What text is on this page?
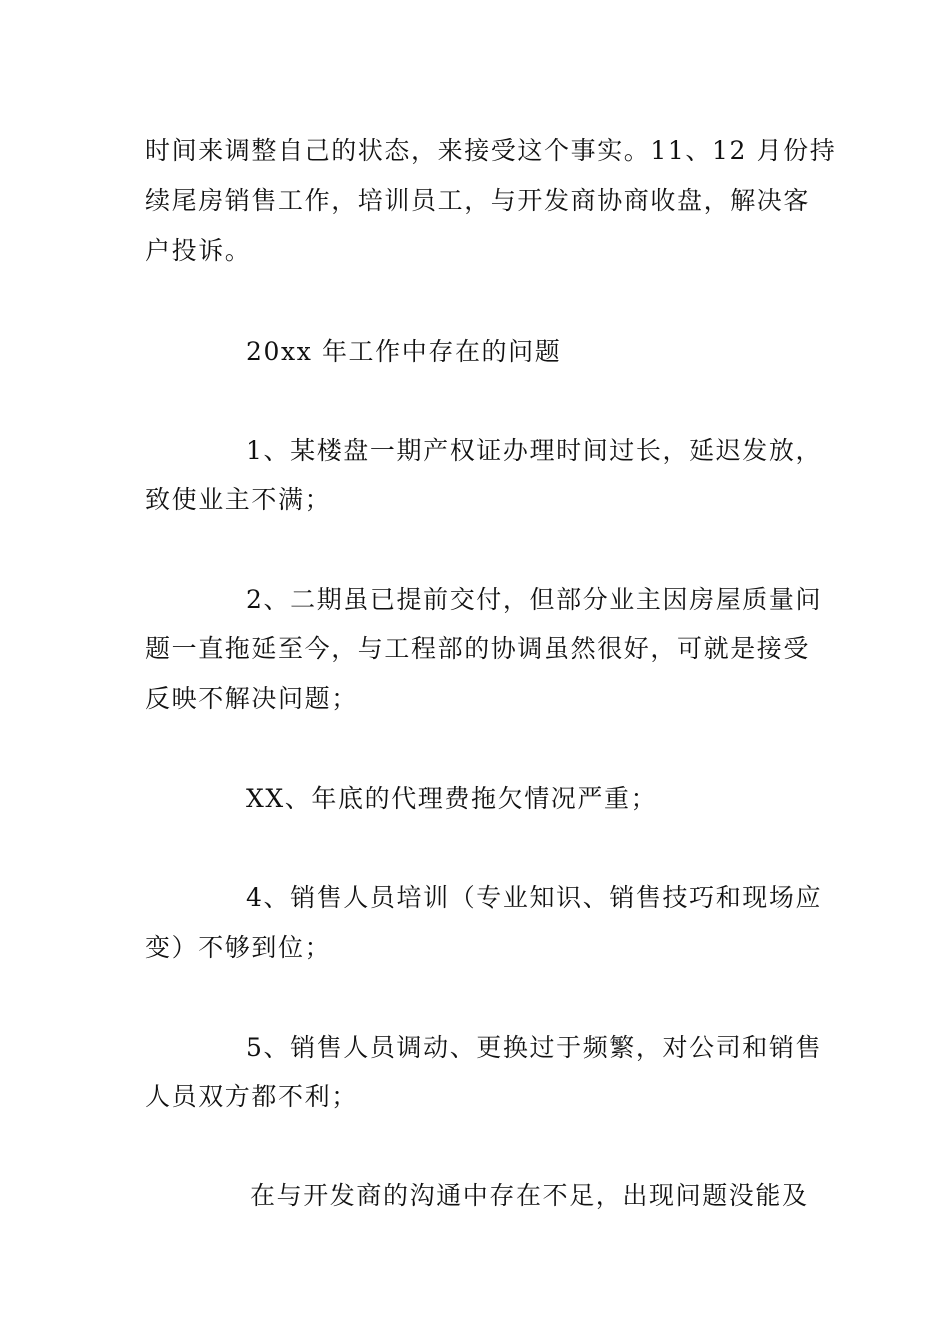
时间来调整自己的状态，来接受这个事实。11、12 月份持
续尾房销售工作，培训员工，与开发商协商收盘，解决客
户投诉。
20xx 年工作中存在的问题
1、某楼盘一期产权证办理时间过长，延迟发放，
致使业主不满；
2、二期虽已提前交付，但部分业主因房屋质量问
题一直拖延至今，与工程部的协调虽然很好，可就是接受
反映不解决问题；
XX、年底的代理费拖欠情况严重；
4、销售人员培训（专业知识、销售技巧和现场应
变）不够到位；
5、销售人员调动、更换过于频繁，对公司和销售
人员双方都不利；
在与开发商的沟通中存在不足，出现问题没能及
